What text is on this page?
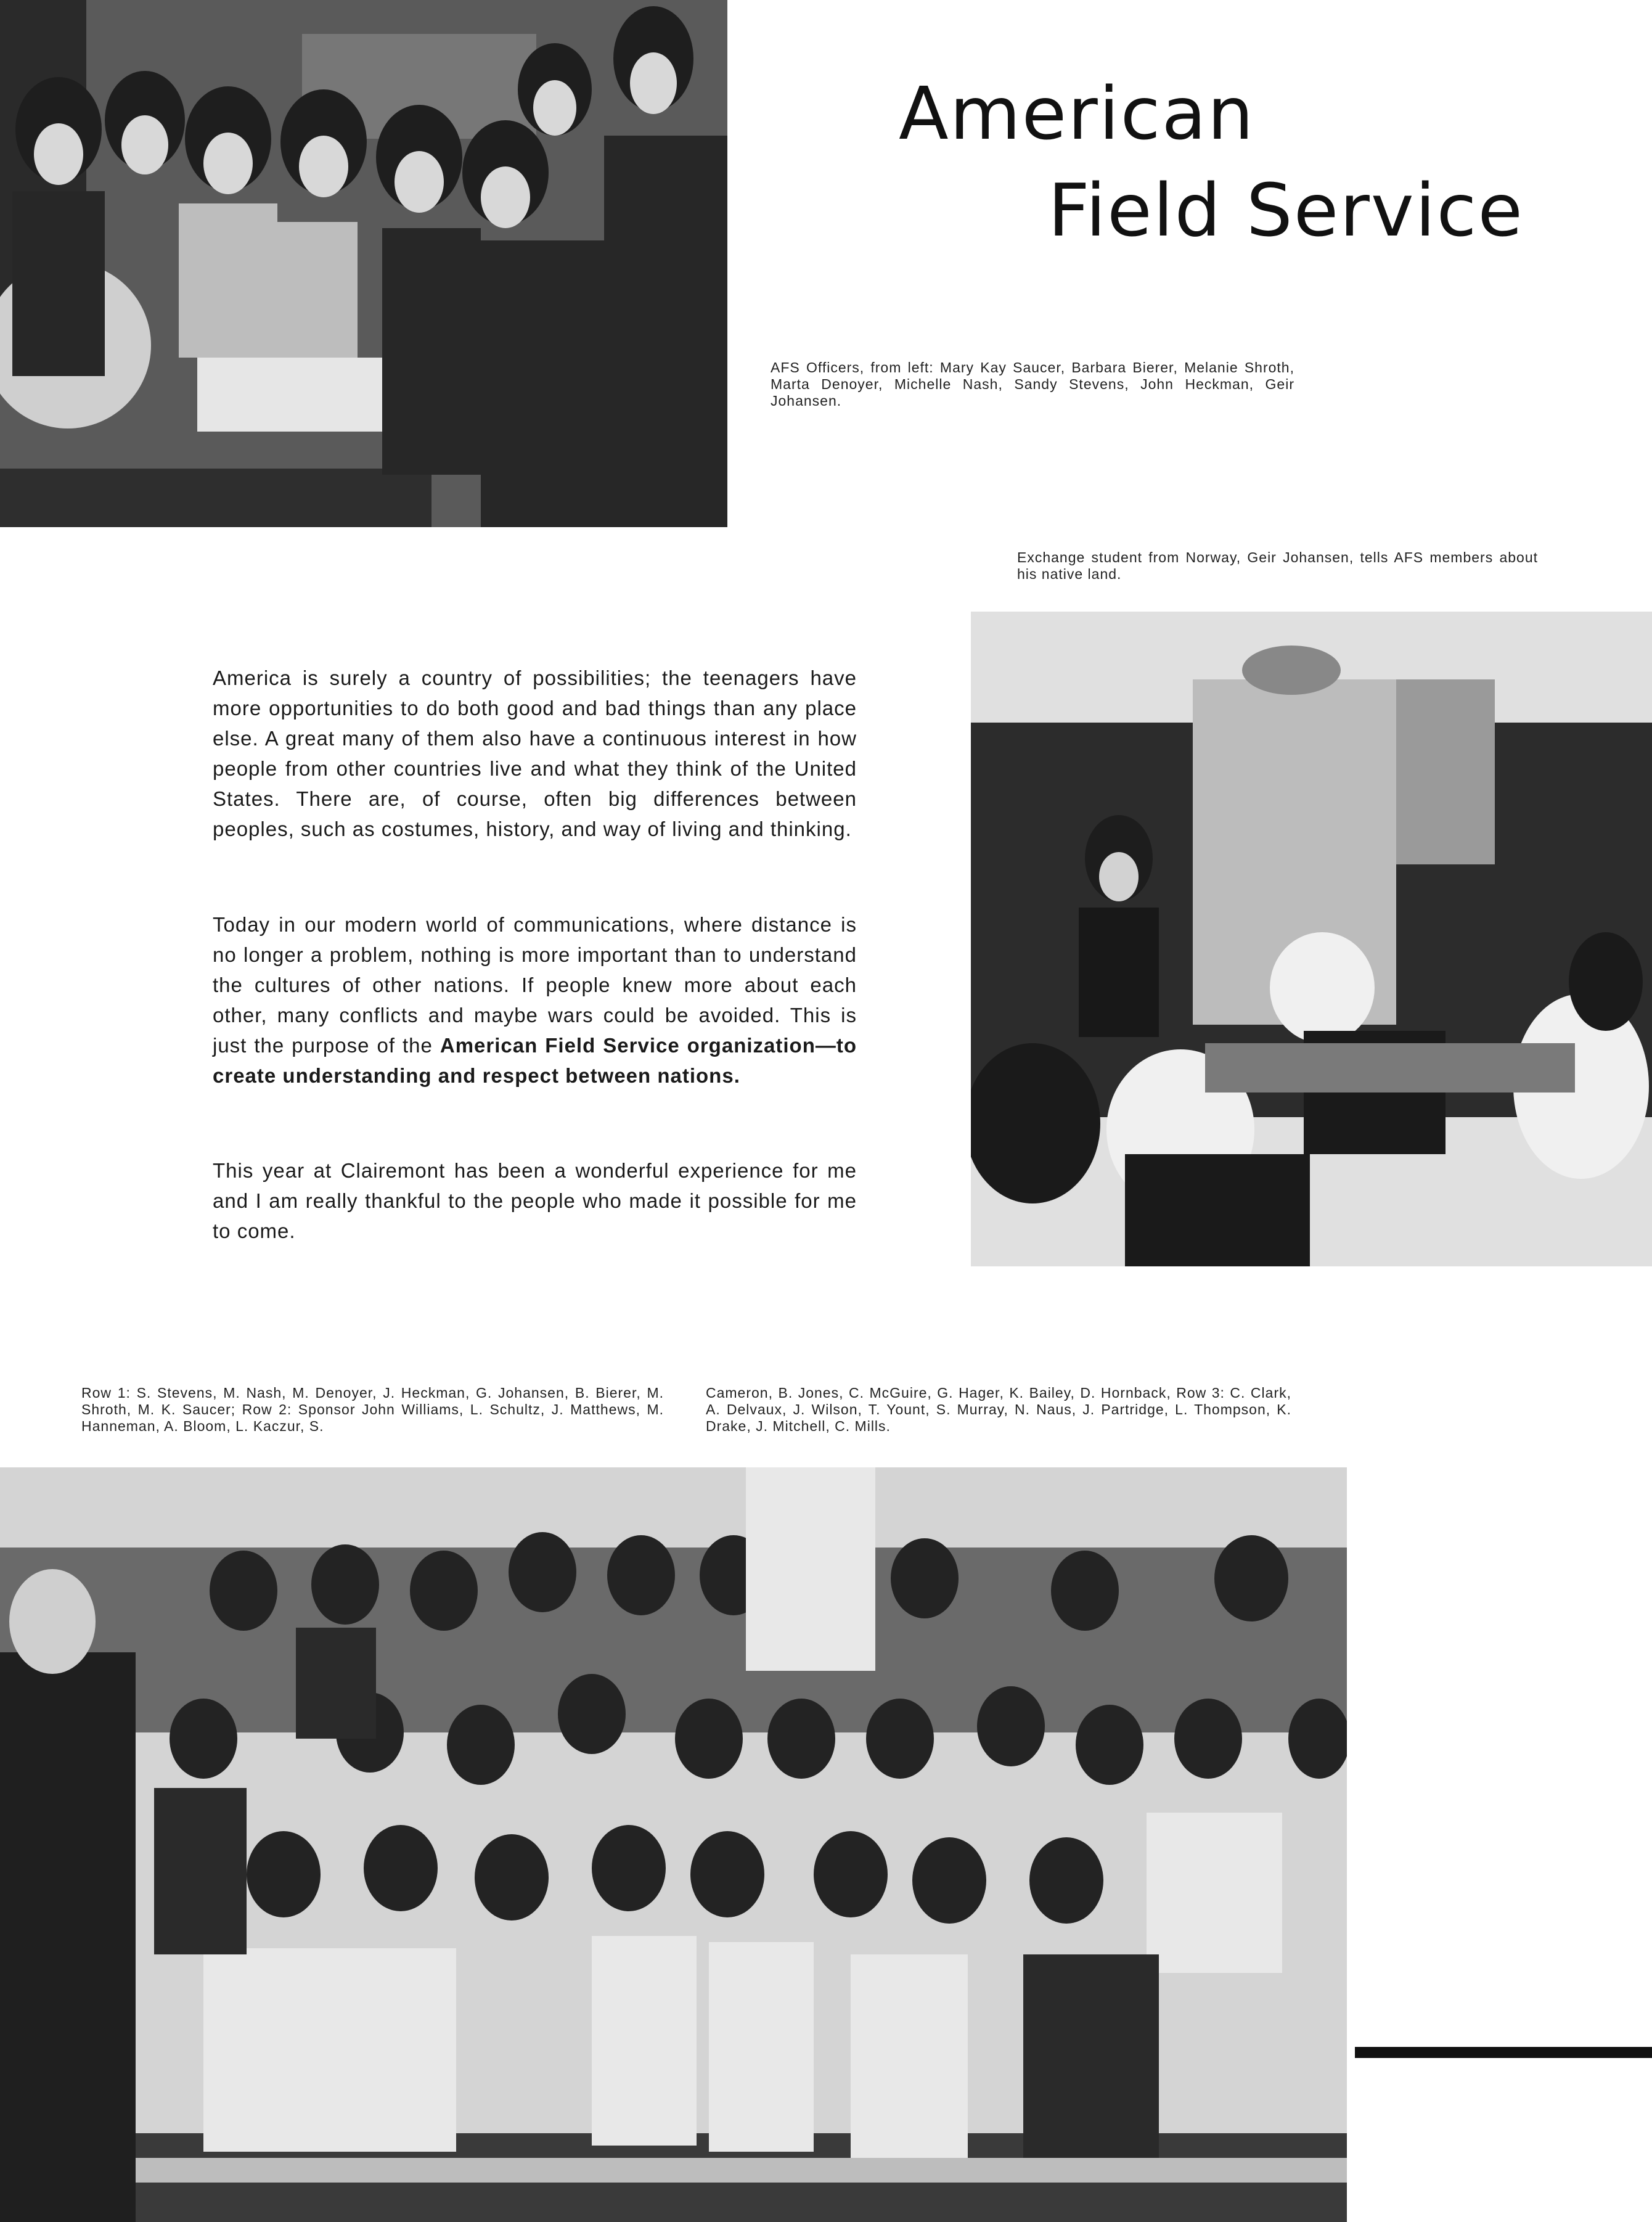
American
Field Service

AFS Officers, from left: Mary Kay Saucer, Barbara Bierer, Melanie Shroth, Marta Denoyer, Michelle Nash, Sandy Stevens, John Heckman, Geir Johansen.

Exchange student from Norway, Geir Johansen, tells AFS members about his native land.

America is surely a country of possibilities; the teenagers have more opportunities to do both good and bad things than any place else. A great many of them also have a continuous interest in how people from other countries live and what they think of the United States. There are, of course, often big differences between peoples, such as costumes, history, and way of living and thinking.

Today in our modern world of communications, where distance is no longer a problem, nothing is more important than to understand the cultures of other nations. If people knew more about each other, many conflicts and maybe wars could be avoided. This is just the purpose of the American Field Service organization—to create understanding and respect between nations.

This year at Clairemont has been a wonderful experience for me and I am really thankful to the people who made it possible for me to come.

Row 1: S. Stevens, M. Nash, M. Denoyer, J. Heckman, G. Johansen, B. Bierer, M. Shroth, M. K. Saucer; Row 2: Sponsor John Williams, L. Schultz, J. Matthews, M. Hanneman, A. Bloom, L. Kaczur, S.

Cameron, B. Jones, C. McGuire, G. Hager, K. Bailey, D. Hornback, Row 3: C. Clark, A. Delvaux, J. Wilson, T. Yount, S. Murray, N. Naus, J. Partridge, L. Thompson, K. Drake, J. Mitchell, C. Mills.
